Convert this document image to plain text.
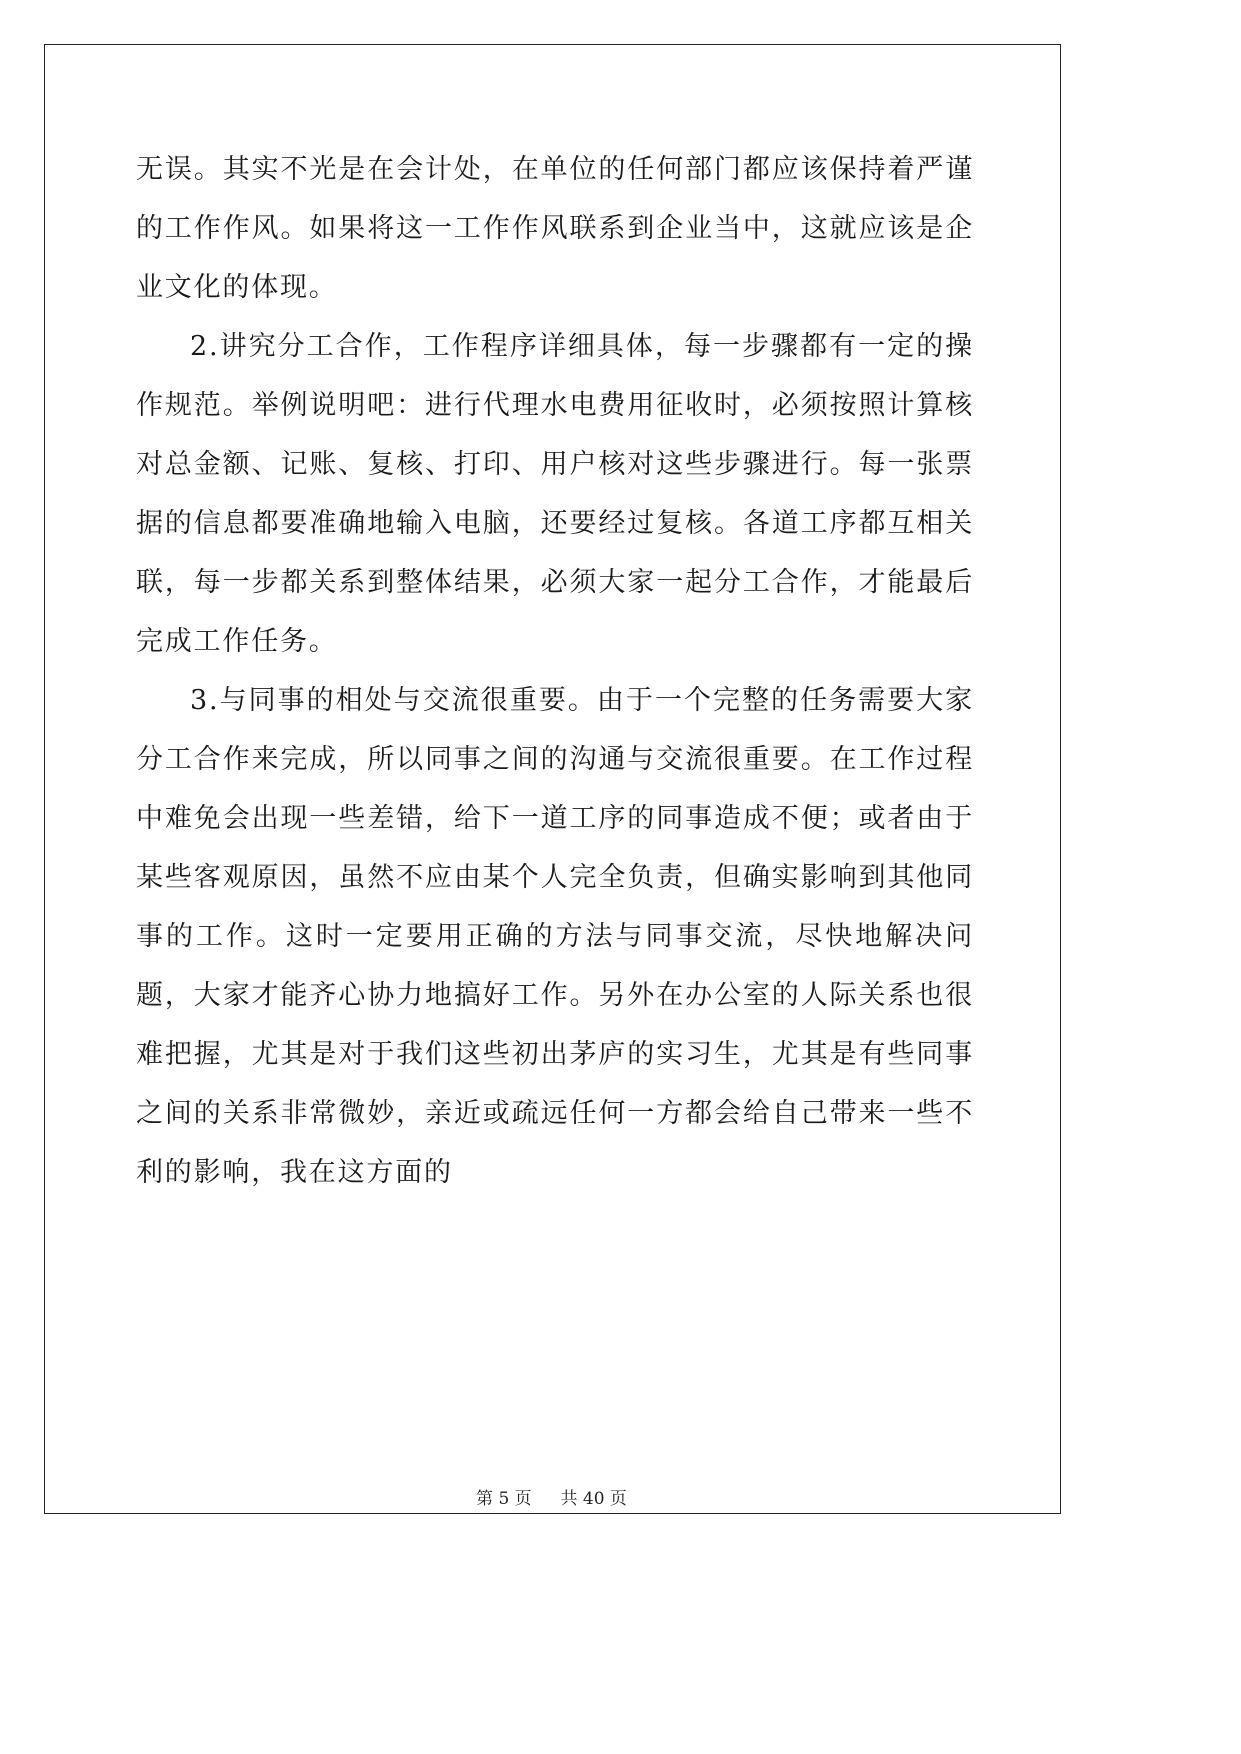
无误。其实不光是在会计处，在单位的任何部门都应该保持着严谨的工作作风。如果将这一工作作风联系到企业当中，这就应该是企业文化的体现。

2.讲究分工合作，工作程序详细具体，每一步骤都有一定的操作规范。举例说明吧：进行代理水电费用征收时，必须按照计算核对总金额、记账、复核、打印、用户核对这些步骤进行。每一张票据的信息都要准确地输入电脑，还要经过复核。各道工序都互相关联，每一步都关系到整体结果，必须大家一起分工合作，才能最后完成工作任务。

3.与同事的相处与交流很重要。由于一个完整的任务需要大家分工合作来完成，所以同事之间的沟通与交流很重要。在工作过程中难免会出现一些差错，给下一道工序的同事造成不便；或者由于某些客观原因，虽然不应由某个人完全负责，但确实影响到其他同事的工作。这时一定要用正确的方法与同事交流，尽快地解决问题，大家才能齐心协力地搞好工作。另外在办公室的人际关系也很难把握，尤其是对于我们这些初出茅庐的实习生，尤其是有些同事之间的关系非常微妙，亲近或疏远任何一方都会给自己带来一些不利的影响，我在这方面的

第 5 页 共 40 页
